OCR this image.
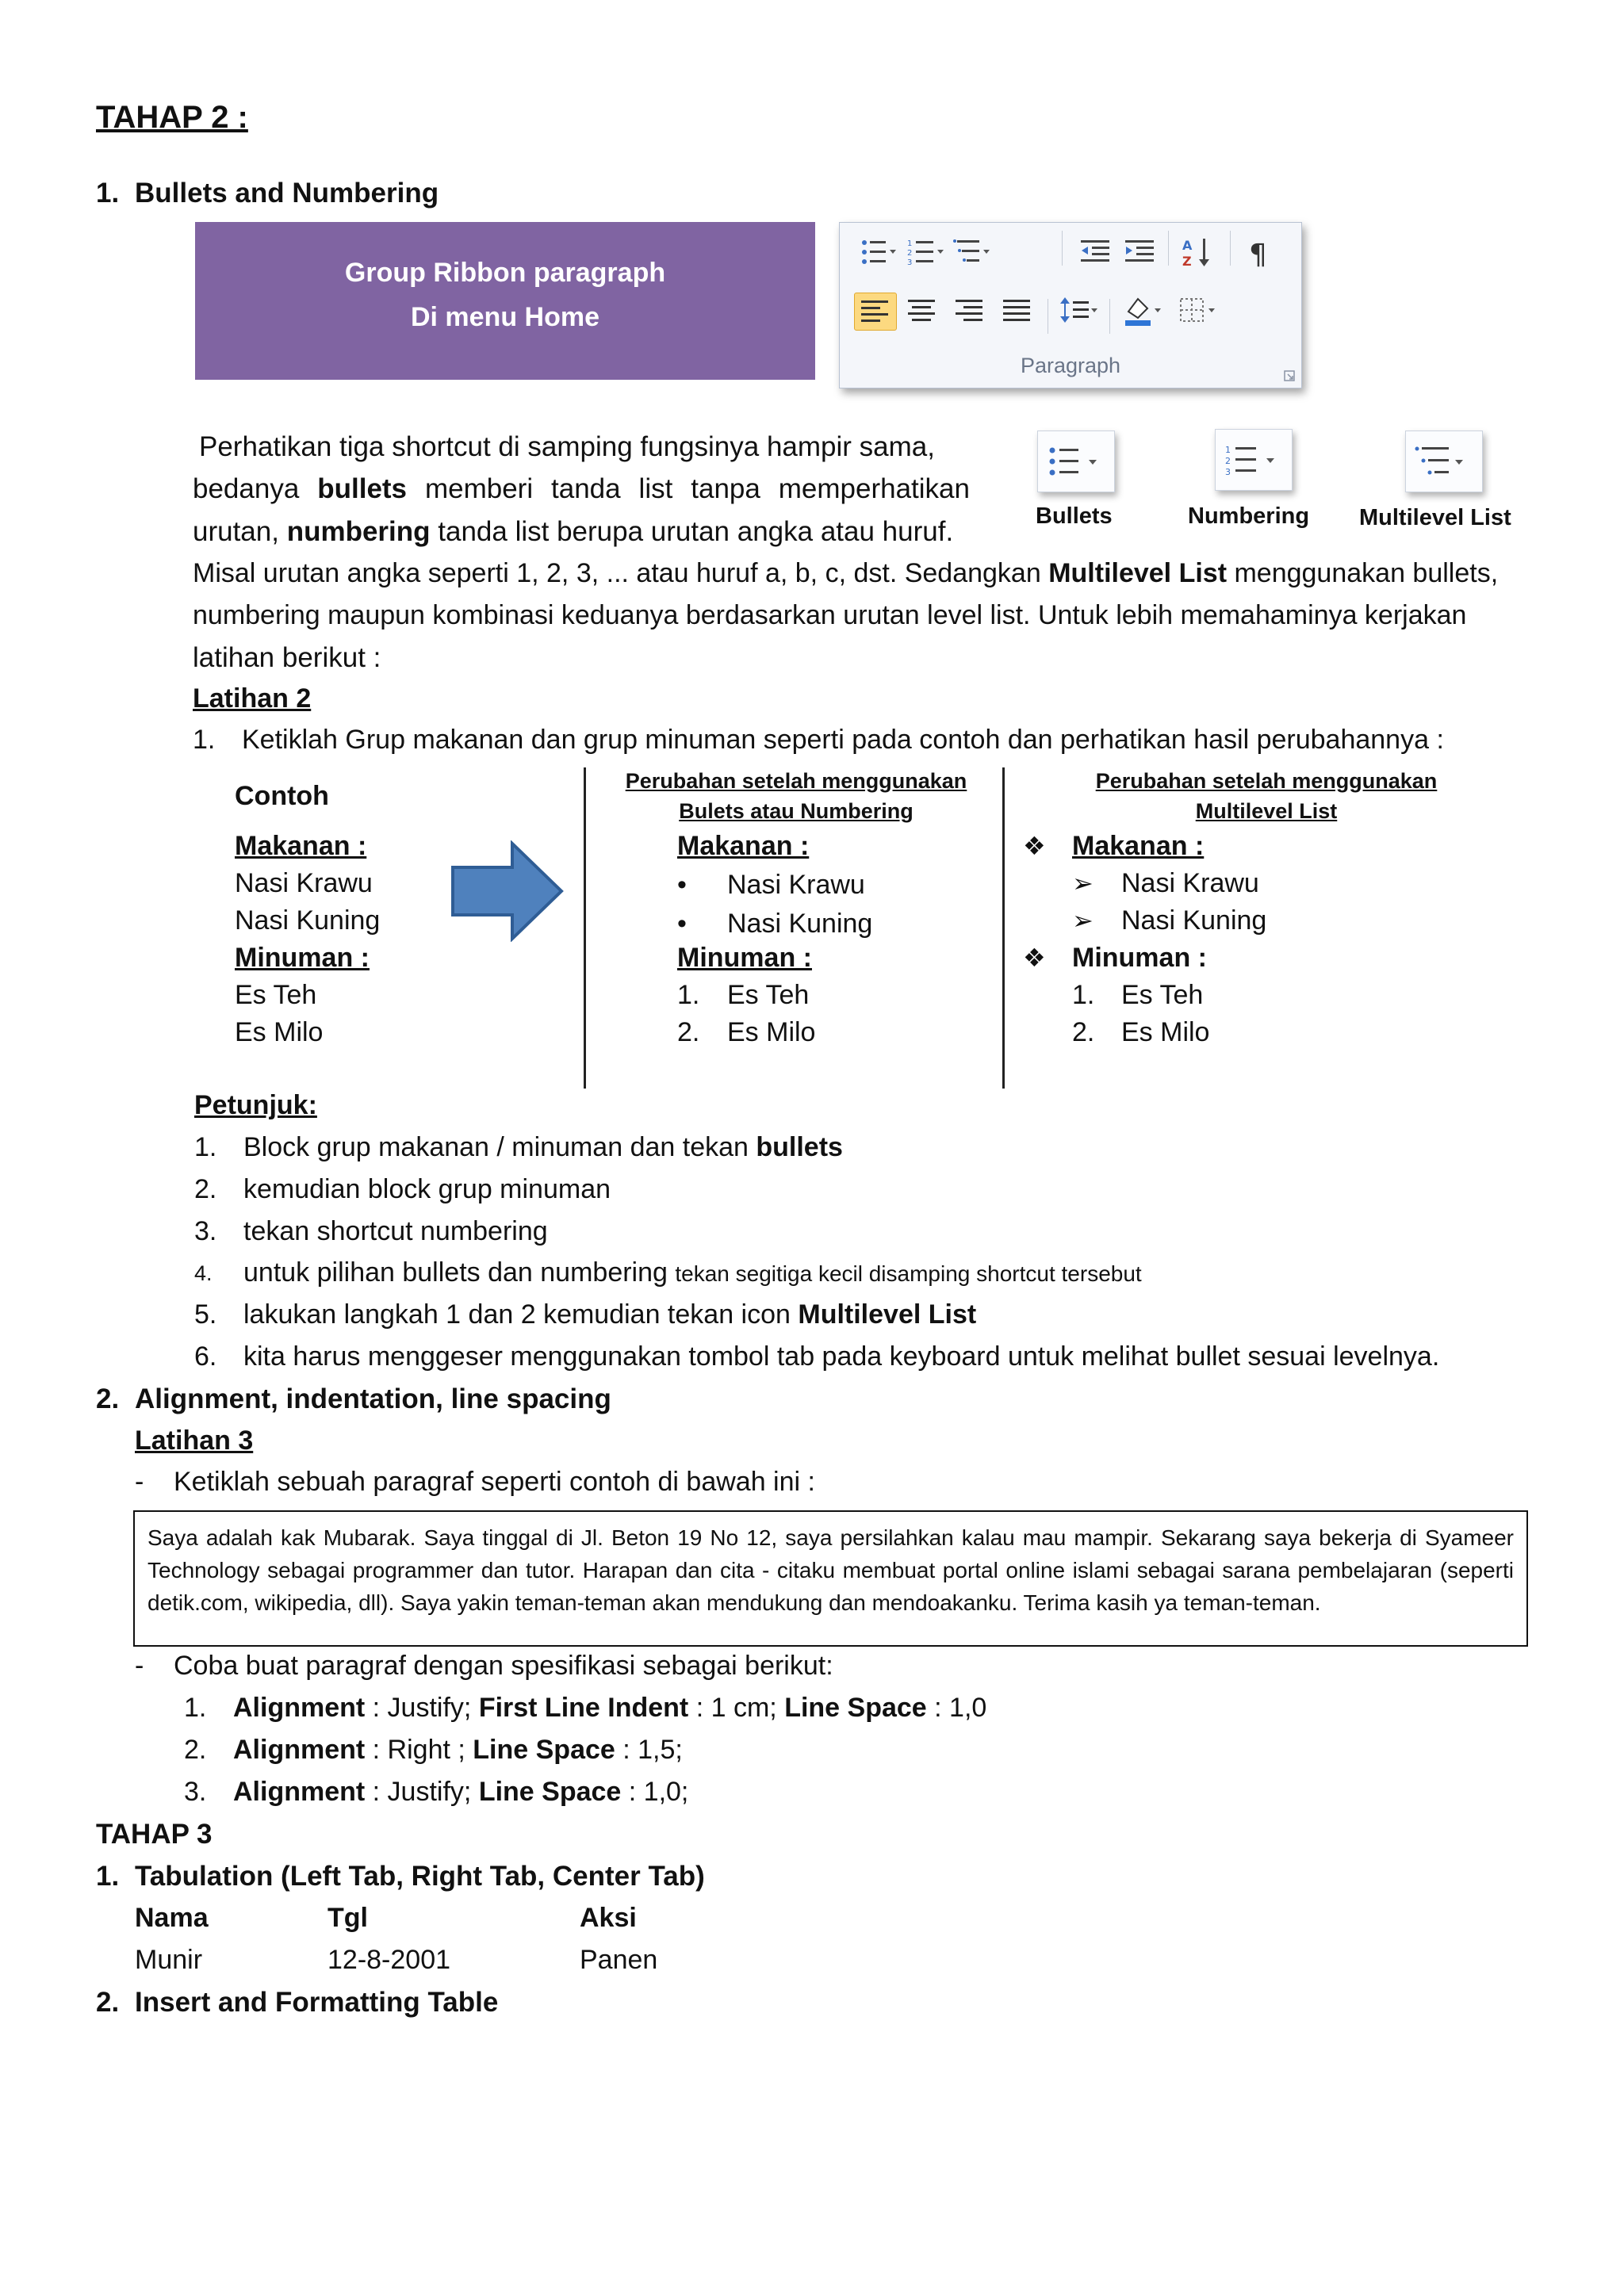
TAHAP 2 :
1. Bullets and Numbering
Group Ribbon paragraph
Di menu Home
1
2
3
A
Z ¶
Paragraph
1
2
3
Bullets	Numbering Multilevel List
Perhatikan tiga shortcut di samping fungsinya hampir sama,
bedanya bullets memberi tanda list tanpa memperhatikan
urutan, numbering tanda list berupa urutan angka atau huruf.
Misal urutan angka seperti 1, 2, 3, ... atau huruf a, b, c, dst. Sedangkan Multilevel List menggunakan bullets,
numbering maupun kombinasi keduanya berdasarkan urutan level list. Untuk lebih memahaminya kerjakan
latihan berikut :
Latihan 2
1. Ketiklah Grup makanan dan grup minuman seperti pada contoh dan perhatikan hasil perubahannya :
Contoh
Makanan :
Nasi Krawu
Nasi Kuning
Minuman :
Es Teh
Es Milo
Perubahan setelah menggunakan
Bulets atau Numbering
Makanan :
• Nasi Krawu
• Nasi Kuning
Minuman :
1. Es Teh
2. Es Milo
Perubahan setelah menggunakan
Multilevel List
❖ Makanan :
➢ Nasi Krawu
➢ Nasi Kuning
❖ Minuman :
1. Es Teh
2. Es Milo
Petunjuk:
1. Block grup makanan / minuman dan tekan bullets
2. kemudian block grup minuman
3. tekan shortcut numbering
4. untuk pilihan bullets dan numbering tekan segitiga kecil disamping shortcut tersebut
5. lakukan langkah 1 dan 2 kemudian tekan icon Multilevel List
6. kita harus menggeser menggunakan tombol tab pada keyboard untuk melihat bullet sesuai levelnya.
2. Alignment, indentation, line spacing
Latihan 3
- Ketiklah sebuah paragraf seperti contoh di bawah ini :
Saya adalah kak Mubarak. Saya tinggal di Jl. Beton 19 No 12, saya persilahkan kalau mau mampir. Sekarang saya bekerja di Syameer Technology sebagai programmer dan tutor. Harapan dan cita - citaku membuat portal online islami sebagai sarana pembelajaran (seperti detik.com, wikipedia, dll). Saya yakin teman-teman akan mendukung dan mendoakanku. Terima kasih ya teman-teman.
- Coba buat paragraf dengan spesifikasi sebagai berikut:
1. Alignment : Justify; First Line Indent : 1 cm; Line Space : 1,0
2. Alignment : Right ; Line Space : 1,5;
3. Alignment : Justify; Line Space : 1,0;
TAHAP 3
1. Tabulation (Left Tab, Right Tab, Center Tab)
Nama	Tgl	Aksi
Munir	12-8-2001	Panen
2. Insert and Formatting Table
